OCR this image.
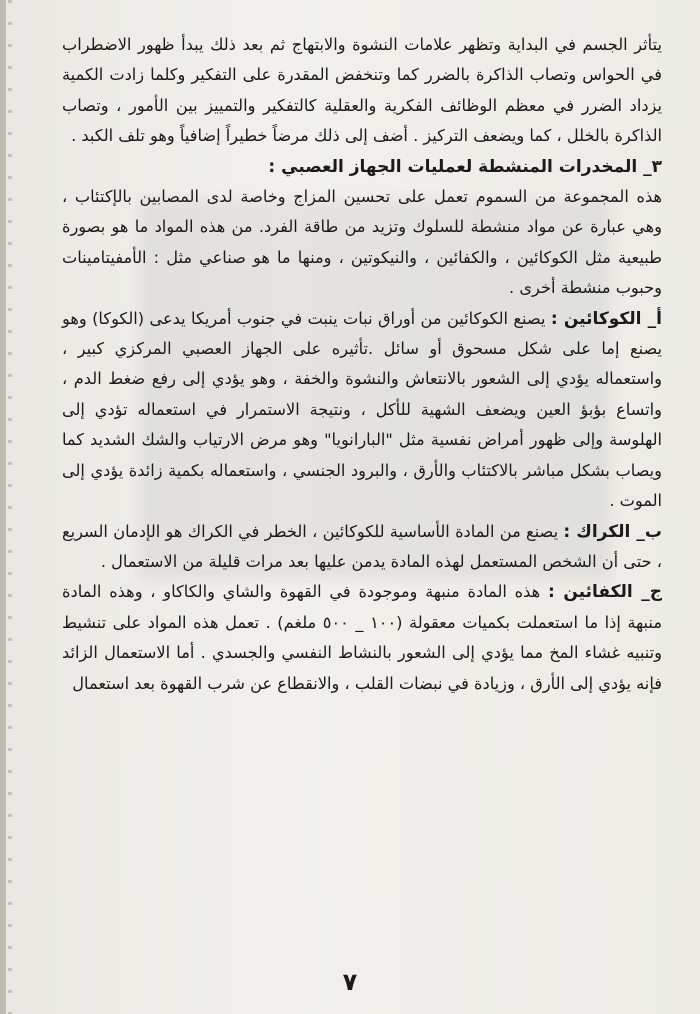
يتأثر الجسم في البداية وتظهر علامات النشوة والابتهاج ثم بعد ذلك يبدأ ظهور الاضطراب في الحواس وتصاب الذاكرة بالضرر كما وتنخفض المقدرة على التفكير وكلما زادت الكمية يزداد الضرر في معظم الوظائف الفكرية والعقلية كالتفكير والتمييز بين الأمور ، وتصاب الذاكرة بالخلل ، كما ويضعف التركيز . أضف إلى ذلك مرضاً خطيراً إضافياً وهو تلف الكبد .

٣_ المخدرات المنشطة لعمليات الجهاز العصبي :

هذه المجموعة من السموم تعمل على تحسين المزاج وخاصة لدى المصابين بالإكتئاب ، وهي عبارة عن مواد منشطة للسلوك وتزيد من طاقة الفرد. من هذه المواد ما هو بصورة طبيعية مثل الكوكائين ، والكفائين ، والنيكوتين ، ومنها ما هو صناعي مثل : الأمفيتامينات وحبوب منشطة أخرى .

أ_ الكوكائين : يصنع الكوكائين من أوراق نبات ينبت في جنوب أمريكا يدعى (الكوكا) وهو يصنع إما على شكل مسحوق أو سائل .تأثيره على الجهاز العصبي المركزي كبير ، واستعماله يؤدي إلى الشعور بالانتعاش والنشوة والخفة ، وهو يؤدي إلى رفع ضغط الدم ، واتساع بؤبؤ العين ويضعف الشهية للأكل ، ونتيجة الاستمرار في استعماله تؤدي إلى الهلوسة وإلى ظهور أمراض نفسية مثل "البارانويا" وهو مرض الارتياب والشك الشديد كما ويصاب بشكل مباشر بالاكتئاب والأرق ، والبرود الجنسي ، واستعماله بكمية زائدة يؤدي إلى الموت .

ب_ الكراك : يصنع من المادة الأساسية للكوكائين ، الخطر في الكراك هو الإدمان السريع ، حتى أن الشخص المستعمل لهذه المادة يدمن عليها بعد مرات قليلة من الاستعمال .

ج_ الكفائين : هذه المادة منبهة وموجودة في القهوة والشاي والكاكاو ، وهذه المادة منبهة إذا ما استعملت بكميات معقولة (١٠٠ _ ٥٠٠ ملغم) . تعمل هذه المواد على تنشيط وتنبيه غشاء المخ مما يؤدي إلى الشعور بالنشاط النفسي والجسدي . أما الاستعمال الزائد فإنه يؤدي إلى الأرق ، وزيادة في نبضات القلب ، والانقطاع عن شرب القهوة بعد استعمال

٧
